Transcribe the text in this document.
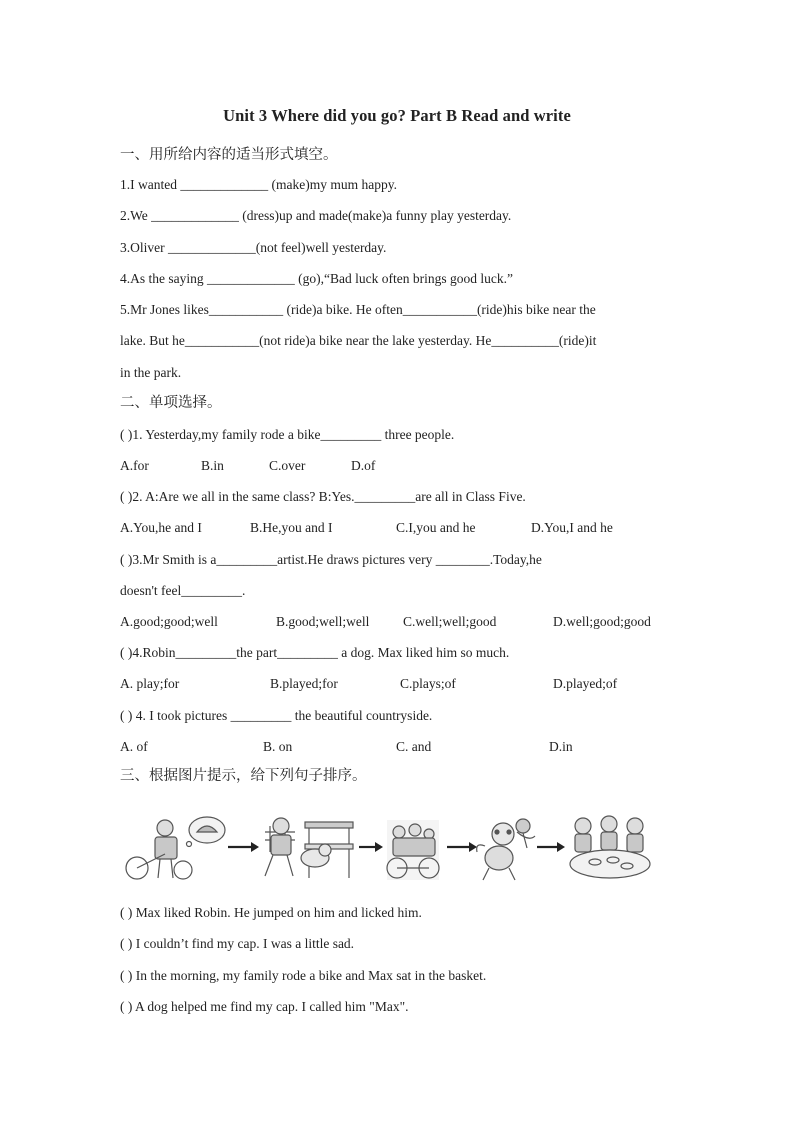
Unit 3 Where did you go? Part B Read and write
一、用所给内容的适当形式填空。
1.I wanted _____________ (make)my mum happy.
2.We _____________ (dress)up and made(make)a funny play yesterday.
3.Oliver _____________(not feel)well yesterday.
4.As the saying _____________ (go),“Bad luck often brings good luck.”
5.Mr Jones likes___________ (ride)a bike. He often___________(ride)his bike near the
lake. But he___________(not ride)a bike near the lake yesterday. He__________(ride)it
in the park.
二、单项选择。
( )1. Yesterday,my family rode a bike_________ three people.
A.for	B.in	C.over	D.of
( )2. A:Are we all in the same class? B:Yes._________are all in Class Five.
A.You,he and I	B.He,you and I	C.I,you and he	D.You,I and he
( )3.Mr Smith is a_________artist.He draws pictures very ________.Today,he
doesn't feel_________.
A.good;good;well	B.good;well;well C.well;well;good	D.well;good;good
( )4.Robin_________the part_________ a dog. Max liked him so much.
A. play;for	B.played;for	C.plays;of	D.played;of
( ) 4. I took pictures _________ the beautiful countryside.
A. of	B. on	C. and	D.in
三、根据图片提示，给下列句子排序。
( ) Max liked Robin. He jumped on him and licked him.
( ) I couldn’t find my cap. I was a little sad.
( ) In the morning, my family rode a bike and Max sat in the basket.
( ) A dog helped me find my cap. I called him "Max".
